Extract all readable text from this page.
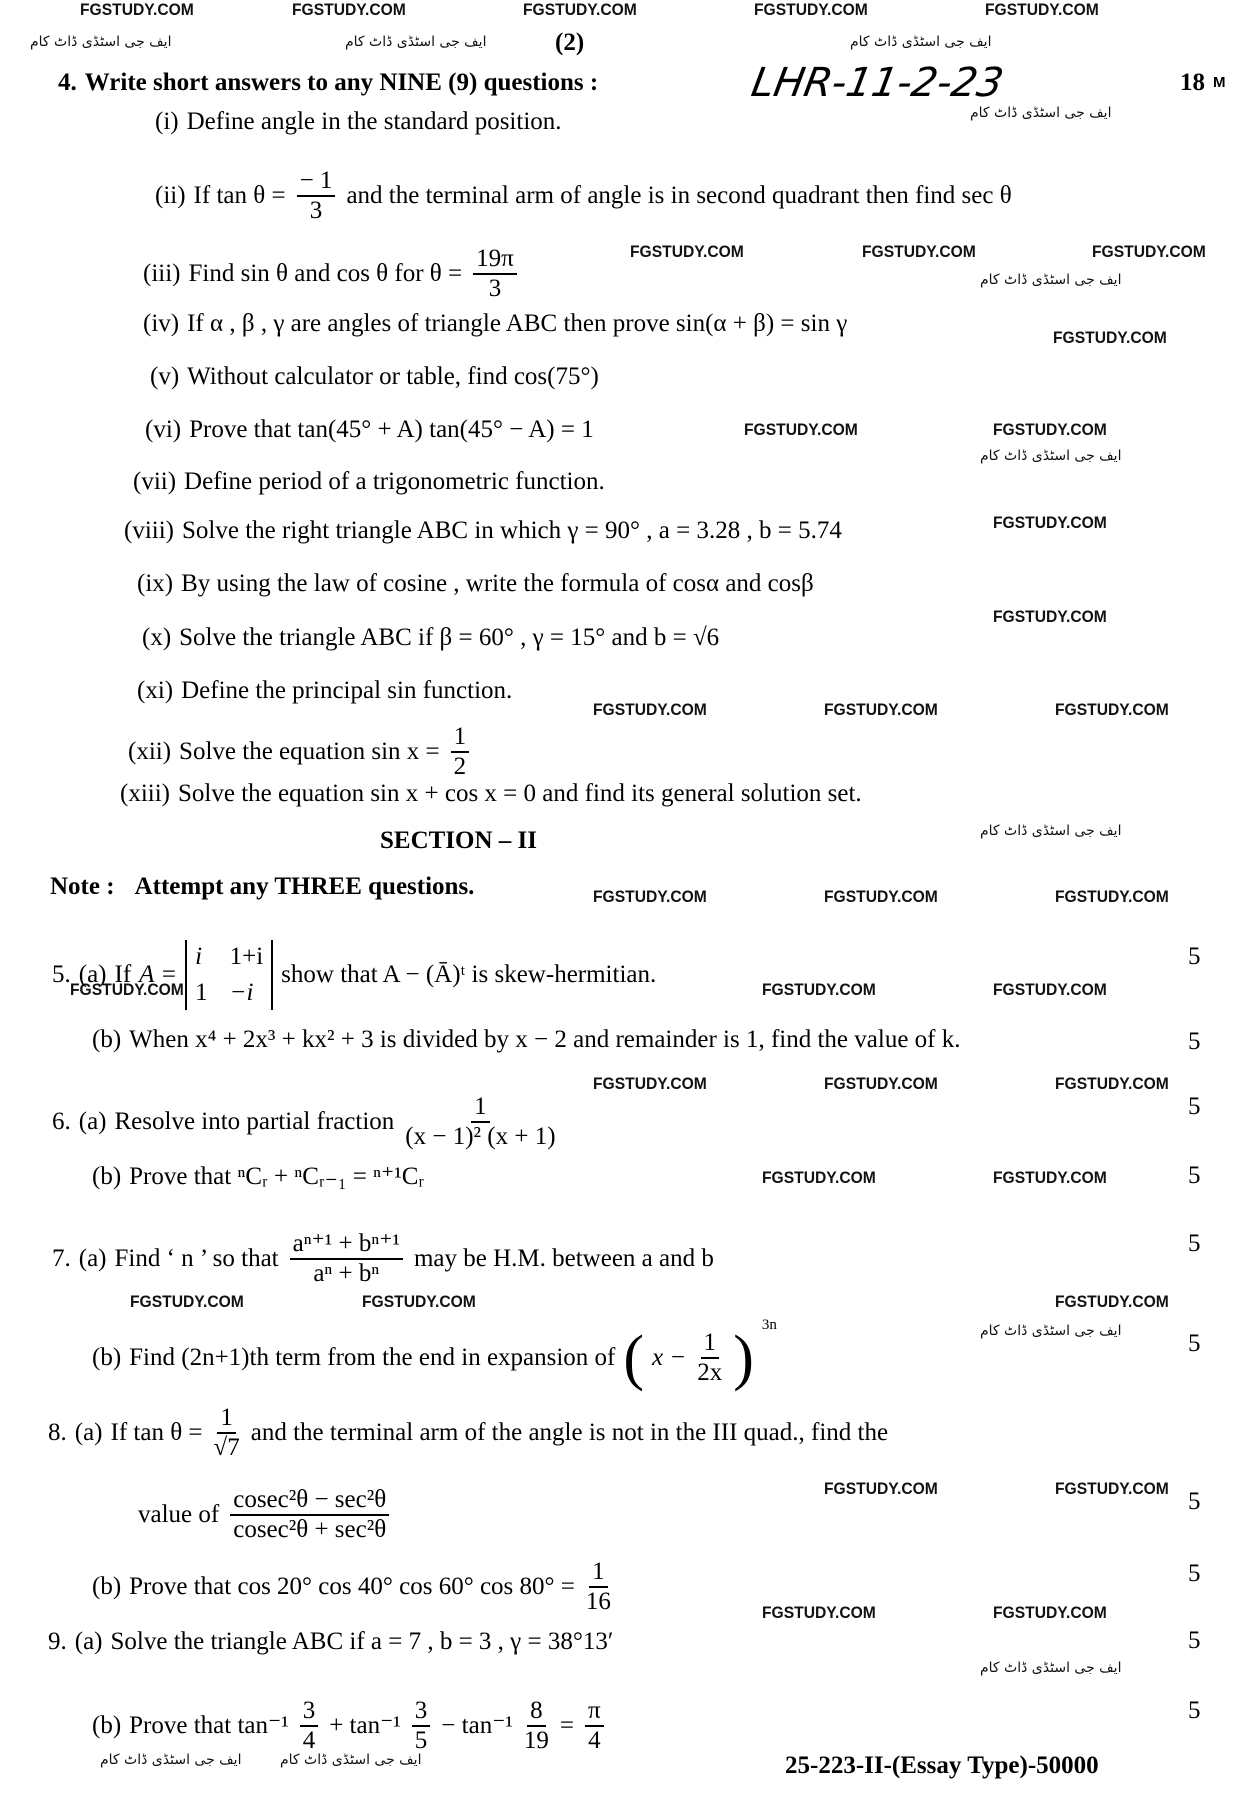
FGSTUDY.COM	FGSTUDY.COM	FGSTUDY.COM	FGSTUDY.COM	FGSTUDY.COM
FGSTUDY.COM	FGSTUDY.COM	FGSTUDY.COM
FGSTUDY.COM
FGSTUDY.COM	FGSTUDY.COM
FGSTUDY.COM
FGSTUDY.COM
FGSTUDY.COM	FGSTUDY.COM	FGSTUDY.COM
FGSTUDY.COM	FGSTUDY.COM	FGSTUDY.COM
FGSTUDY.COM	FGSTUDY.COM	FGSTUDY.COM
FGSTUDY.COM	FGSTUDY.COM	FGSTUDY.COM
FGSTUDY.COM	FGSTUDY.COM
FGSTUDY.COM	FGSTUDY.COM	FGSTUDY.COM
FGSTUDY.COM	FGSTUDY.COM
FGSTUDY.COM	FGSTUDY.COM
ایف جی اسٹڈی ڈاٹ کام	ایف جی اسٹڈی ڈاٹ کام	ایف جی اسٹڈی ڈاٹ کام
ایف جی اسٹڈی ڈاٹ کام
ایف جی اسٹڈی ڈاٹ کام
ایف جی اسٹڈی ڈاٹ کام
ایف جی اسٹڈی ڈاٹ کام
ایف جی اسٹڈی ڈاٹ کام
ایف جی اسٹڈی ڈاٹ کام
ایف جی اسٹڈی ڈاٹ کام	ایف جی اسٹڈی ڈاٹ کام
(2)
LHR-11-2-23
4. Write short answers to any NINE (9) questions :	18 M
(i) Define angle in the standard position.
(ii) If $\tan \theta = \frac{- 1}{3}$ and the terminal arm of angle is in second quadrant then find sec θ
(iii) Find sin θ and cos θ for $\theta = \frac{19\pi}{3}$
(iv) If α , β , γ are angles of triangle ABC then prove sin(α + β) = sin γ
(v) Without calculator or table, find cos(75°)
(vi) Prove that tan(45° + A) tan(45° − A) = 1
(vii) Define period of a trigonometric function.
(viii) Solve the right triangle ABC in which γ = 90° , a = 3.28 , b = 5.74
(ix) By using the law of cosine , write the formula of cosα and cosβ
(x) Solve the triangle ABC if β = 60° , γ = 15° and b = √6
(xi) Define the principal sin function.
(xii) Solve the equation $\sin x = \frac{1}{2}$
(xiii) Solve the equation sin x + cos x = 0 and find its general solution set.
SECTION – II
Note : Attempt any THREE questions.
5. (a) If A =
i 1+i
1 −i
show that A − (Ā)ᵗ is skew-hermitian.
5
(b) When x⁴ + 2x³ + kx² + 3 is divided by x − 2 and remainder is 1, find the value of k.	5
6. (a) Resolve into partial fraction $\frac{1}{\text{(x − 1)² (x + 1)}}$	5
(b) Prove that ⁿCᵣ + ⁿCᵣ₋₁ = ⁿ⁺¹Cᵣ	5
7. (a) Find ‘ n ’ so that $\frac{\text{aⁿ⁺¹ + bⁿ⁺¹}}{\text{aⁿ + bⁿ}}$ may be H.M. between a and b
5
(b) Find (2n+1)th term from the end in expansion of ( $x - \frac{1}{2x}$ ) $^{3n}$
5
8. (a) If $\tan \theta = \frac{1}{√7}$ and the terminal arm of the angle is not in the III quad., find the
value of $\frac{\text{cosec²θ − sec²θ}}{\text{cosec²θ + sec²θ}}$	5
(b) Prove that cos 20° cos 40° cos 60° $\cos 80^\circ = \frac{1}{16}$	5
9. (a) Solve the triangle ABC if a = 7 , b = 3 , γ = 38°13′	5
(b) Prove that $\tan^{-1} \frac{3}{4} + \tan^{-1} \frac{3}{5} - \tan^{-1} \frac{8}{19} = \frac{\pi}{4}$	5
25-223-II-(Essay Type)-50000
